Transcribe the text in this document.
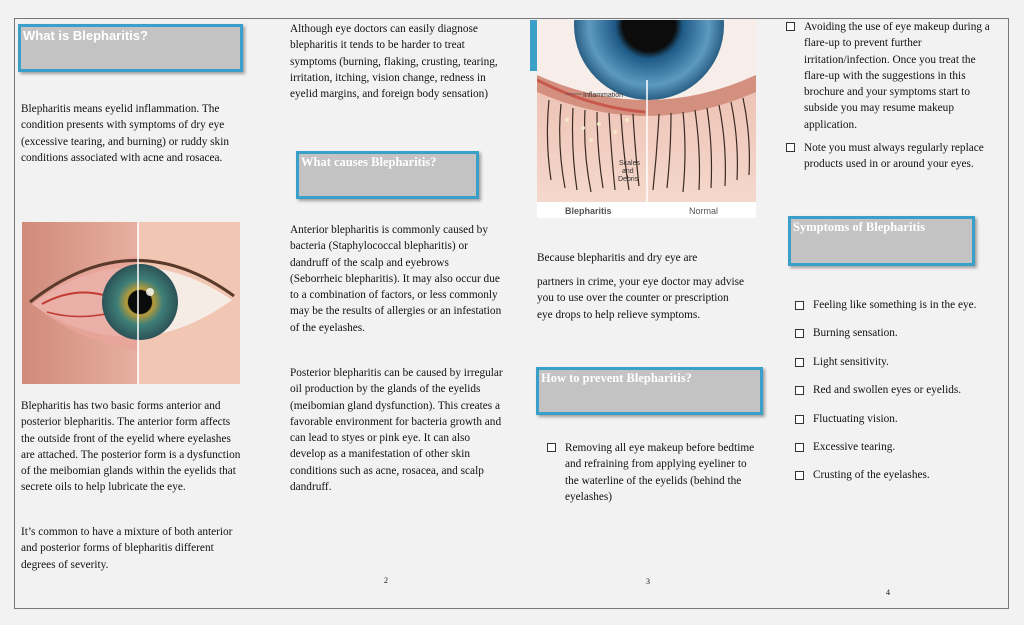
What is Blepharitis?
Blepharitis means eyelid inflammation. The condition presents with symptoms of dry eye (excessive tearing, and burning) or ruddy skin conditions associated with acne and rosacea.
Blepharitis has two basic forms anterior and posterior blepharitis. The anterior form affects the outside front of the eyelid where eyelashes are attached. The posterior form is a dysfunction of the meibomian glands within the eyelids that secrete oils to help lubricate the eye.
It’s common to have a mixture of both anterior and posterior forms of blepharitis different degrees of severity.
Although eye doctors can easily diagnose blepharitis it tends to be harder to treat symptoms (burning, flaking, crusting, tearing, irritation, itching, vision change, redness in eyelid margins, and foreign body sensation)
What causes Blepharitis?
Anterior blepharitis is commonly caused by bacteria (Staphylococcal blepharitis) or dandruff of the scalp and eyebrows (Seborrheic blepharitis). It may also occur due to a combination of factors, or less commonly may be the results of allergies or an infestation of the eyelashes.
Posterior blepharitis can be caused by irregular oil production by the glands of the eyelids (meibomian gland dysfunction). This creates a favorable environment for bacteria growth and can lead to styes or pink eye. It can also develop as a manifestation of other skin conditions such as acne, rosacea, and scalp dandruff.
2
Inflammation
Scales and Debris
Blepharitis	Normal
Because blepharitis and dry eye are
partners in crime, your eye doctor may advise you to use over the counter or prescription eye drops to help relieve symptoms.
How to prevent Blepharitis?
Removing all eye makeup before bedtime and refraining from applying eyeliner to the waterline of the eyelids (behind the eyelashes)
3
Avoiding the use of eye makeup during a flare-up to prevent further irritation/infection. Once you treat the flare-up with the suggestions in this brochure and your symptoms start to subside you may resume makeup application.
Note you must always regularly replace products used in or around your eyes.
Symptoms of Blepharitis
Feeling like something is in the eye.
Burning sensation.
Light sensitivity.
Red and swollen eyes or eyelids.
Fluctuating vision.
Excessive tearing.
Crusting of the eyelashes.
4
